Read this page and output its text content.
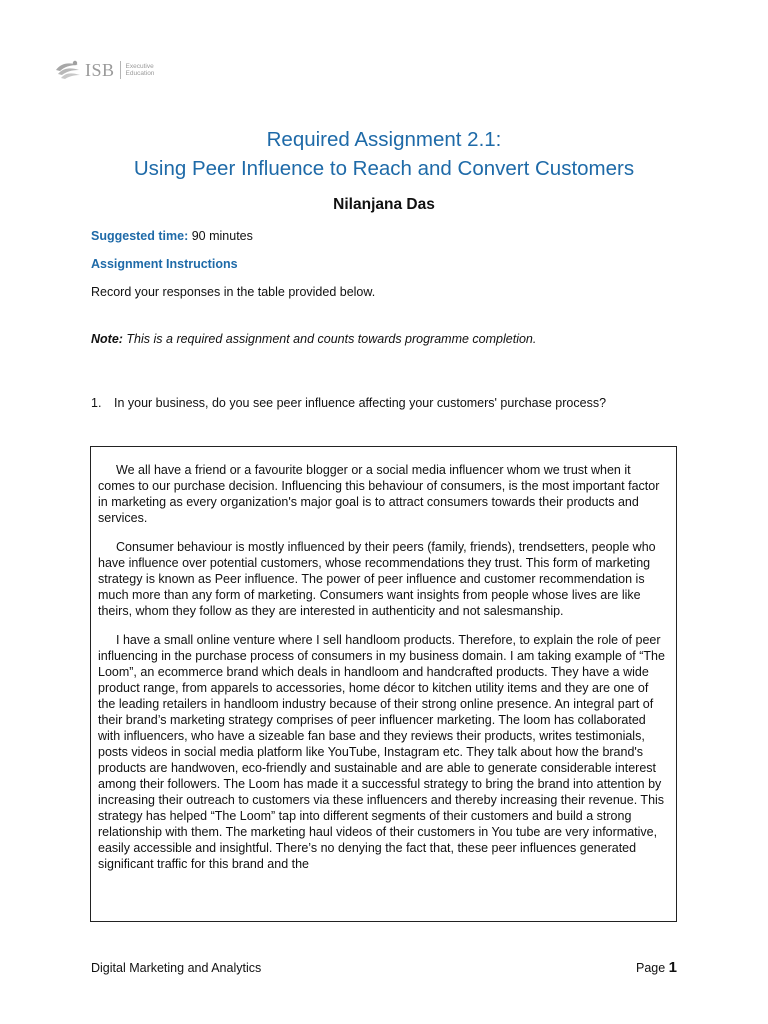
ISB Executive
Education
Required Assignment 2.1:
Using Peer Influence to Reach and Convert Customers
Nilanjana Das
Suggested time: 90 minutes
Assignment Instructions
Record your responses in the table provided below.
Note: This is a required assignment and counts towards programme completion.
1.	In your business, do you see peer influence affecting your customers' purchase process?

We all have a friend or a favourite blogger or a social media influencer whom we trust when it comes to our purchase decision. Influencing this behaviour of consumers, is the most important factor in marketing as every organization's major goal is to attract consumers towards their products and services.

Consumer behaviour is mostly influenced by their peers (family, friends), trendsetters, people who have influence over potential customers, whose recommendations they trust. This form of marketing strategy is known as Peer influence. The power of peer influence and customer recommendation is much more than any form of marketing. Consumers want insights from people whose lives are like theirs, whom they follow as they are interested in authenticity and not salesmanship.

I have a small online venture where I sell handloom products. Therefore, to explain the role of peer influencing in the purchase process of consumers in my business domain. I am taking example of “The Loom”, an ecommerce brand which deals in handloom and handcrafted products. They have a wide product range, from apparels to accessories, home décor to kitchen utility items and they are one of the leading retailers in handloom industry because of their strong online presence. An integral part of their brand’s marketing strategy comprises of peer influencer marketing. The loom has collaborated with influencers, who have a sizeable fan base and they reviews their products, writes testimonials, posts videos in social media platform like YouTube, Instagram etc. They talk about how the brand's products are handwoven, eco-friendly and sustainable and are able to generate considerable interest among their followers. The Loom has made it a successful strategy to bring the brand into attention by increasing their outreach to customers via these influencers and thereby increasing their revenue. This strategy has helped “The Loom” tap into different segments of their customers and build a strong relationship with them. The marketing haul videos of their customers in You tube are very informative, easily accessible and insightful. There’s no denying the fact that, these peer influences generated significant traffic for this brand and the

Digital Marketing and Analytics	Page 1
